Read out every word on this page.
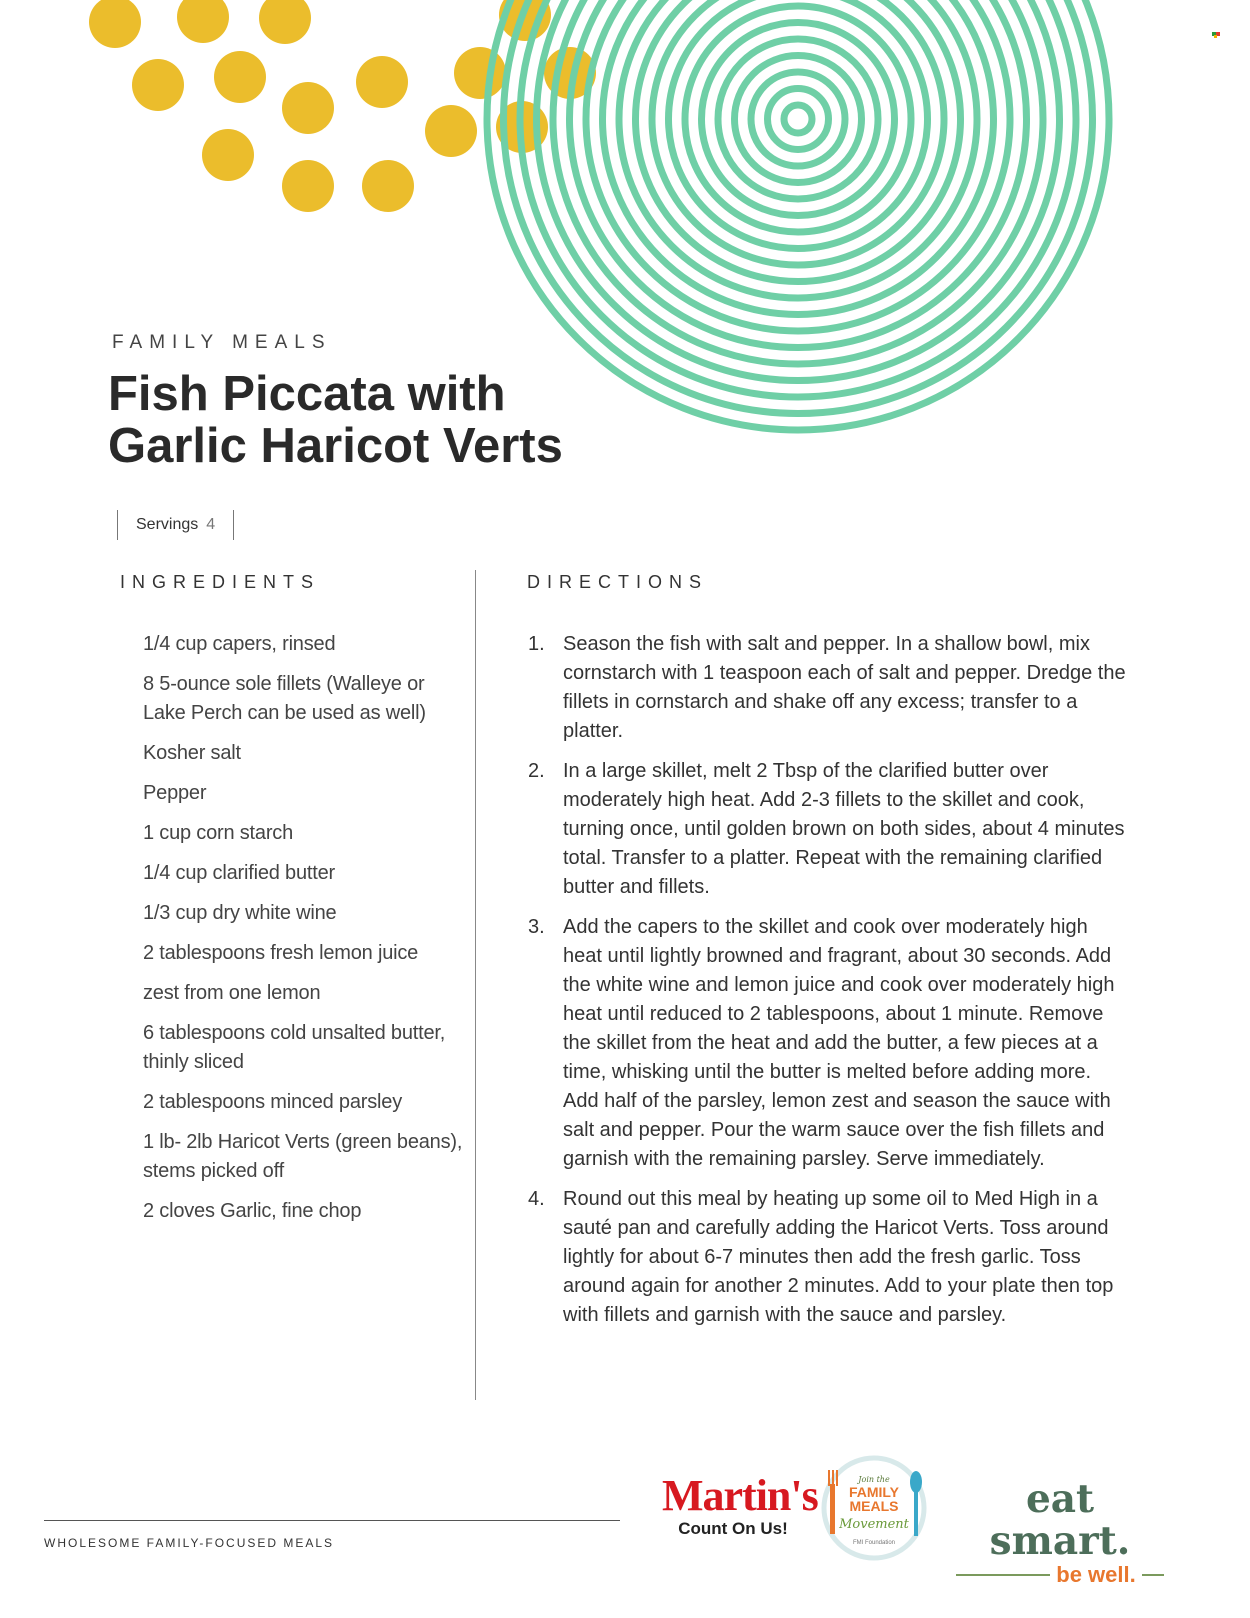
FAMILY MEALS
Fish Piccata with
Garlic Haricot Verts
Servings 4
INGREDIENTS	DIRECTIONS
1/4 cup capers, rinsed
8 5-ounce sole fillets (Walleye or Lake Perch can be used as well)
Kosher salt
Pepper
1 cup corn starch
1/4 cup clarified butter
1/3 cup dry white wine
2 tablespoons fresh lemon juice
zest from one lemon
6 tablespoons cold unsalted butter, thinly sliced
2 tablespoons minced parsley
1 lb- 2lb Haricot Verts (green beans), stems picked off
2 cloves Garlic, fine chop
1. Season the fish with salt and pepper. In a shallow bowl, mix cornstarch with 1 teaspoon each of salt and pepper. Dredge the fillets in cornstarch and shake off any excess; transfer to a platter.
2. In a large skillet, melt 2 Tbsp of the clarified butter over moderately high heat. Add 2-3 fillets to the skillet and cook, turning once, until golden brown on both sides, about 4 minutes total. Transfer to a platter. Repeat with the remaining clarified butter and fillets.
3. Add the capers to the skillet and cook over moderately high heat until lightly browned and fragrant, about 30 seconds. Add the white wine and lemon juice and cook over moderately high heat until reduced to 2 tablespoons, about 1 minute. Remove the skillet from the heat and add the butter, a few pieces at a time, whisking until the butter is melted before adding more. Add half of the parsley, lemon zest and season the sauce with salt and pepper. Pour the warm sauce over the fish fillets and garnish with the remaining parsley. Serve immediately.
4. Round out this meal by heating up some oil to Med High in a sauté pan and carefully adding the Haricot Verts. Toss around lightly for about 6-7 minutes then add the fresh garlic. Toss around again for another 2 minutes. Add to your plate then top with fillets and garnish with the sauce and parsley.
WHOLESOME FAMILY-FOCUSED MEALS
Martin's
Count On Us!
Join the
FAMILY
MEALS
Movement
FMI Foundation
eat smart.
be well.
